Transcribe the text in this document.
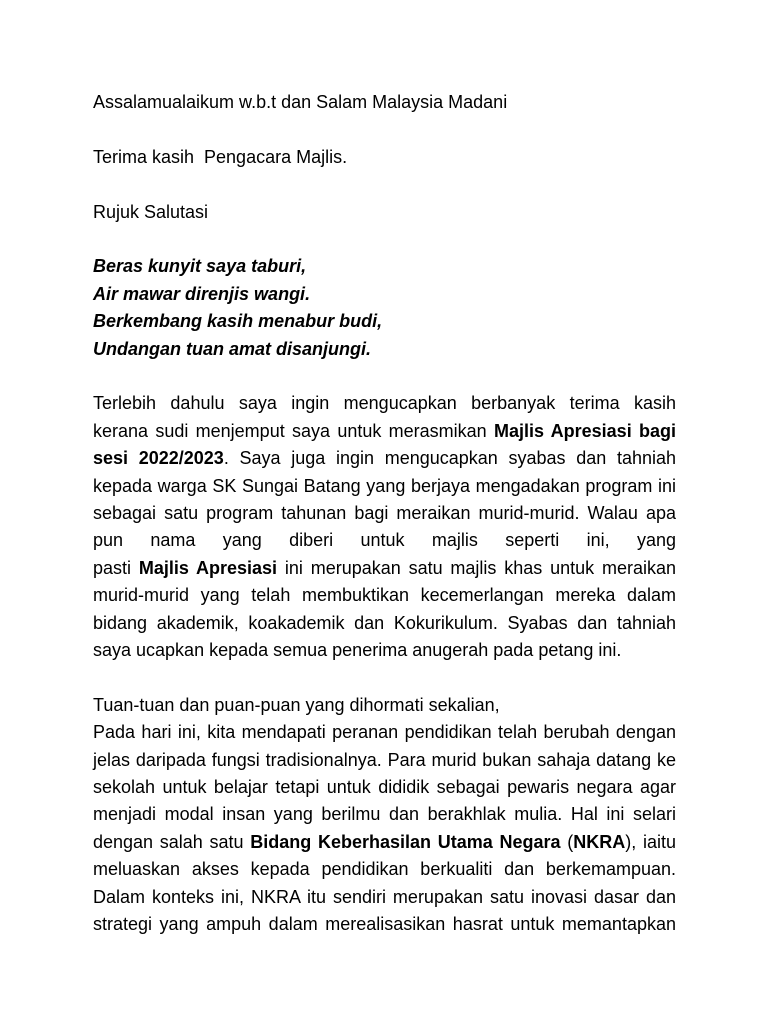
Assalamualaikum w.b.t dan Salam Malaysia Madani
Terima kasih  Pengacara Majlis.
Rujuk Salutasi
Beras kunyit saya taburi,
Air mawar direnjis wangi.
Berkembang kasih menabur budi,
Undangan tuan amat disanjungi.
Terlebih dahulu saya ingin mengucapkan berbanyak terima kasih
kerana sudi menjemput saya untuk merasmikan Majlis Apresiasi bagi
sesi 2022/2023. Saya juga ingin mengucapkan syabas dan tahniah
kepada warga SK Sungai Batang yang berjaya mengadakan program ini
sebagai satu program tahunan bagi meraikan murid-murid. Walau apa
pun nama yang diberi untuk majlis seperti ini, yang
pasti Majlis Apresiasi ini merupakan satu majlis khas untuk meraikan
murid-murid yang telah membuktikan kecemerlangan mereka dalam
bidang akademik, koakademik dan Kokurikulum. Syabas dan tahniah
saya ucapkan kepada semua penerima anugerah pada petang ini.
Tuan-tuan dan puan-puan yang dihormati sekalian,
Pada hari ini, kita mendapati peranan pendidikan telah berubah dengan
jelas daripada fungsi tradisionalnya. Para murid bukan sahaja datang ke
sekolah untuk belajar tetapi untuk dididik sebagai pewaris negara agar
menjadi modal insan yang berilmu dan berakhlak mulia. Hal ini selari
dengan salah satu Bidang Keberhasilan Utama Negara (NKRA), iaitu
meluaskan akses kepada pendidikan berkualiti dan berkemampuan.
Dalam konteks ini, NKRA itu sendiri merupakan satu inovasi dasar dan
strategi yang ampuh dalam merealisasikan hasrat untuk memantapkan
